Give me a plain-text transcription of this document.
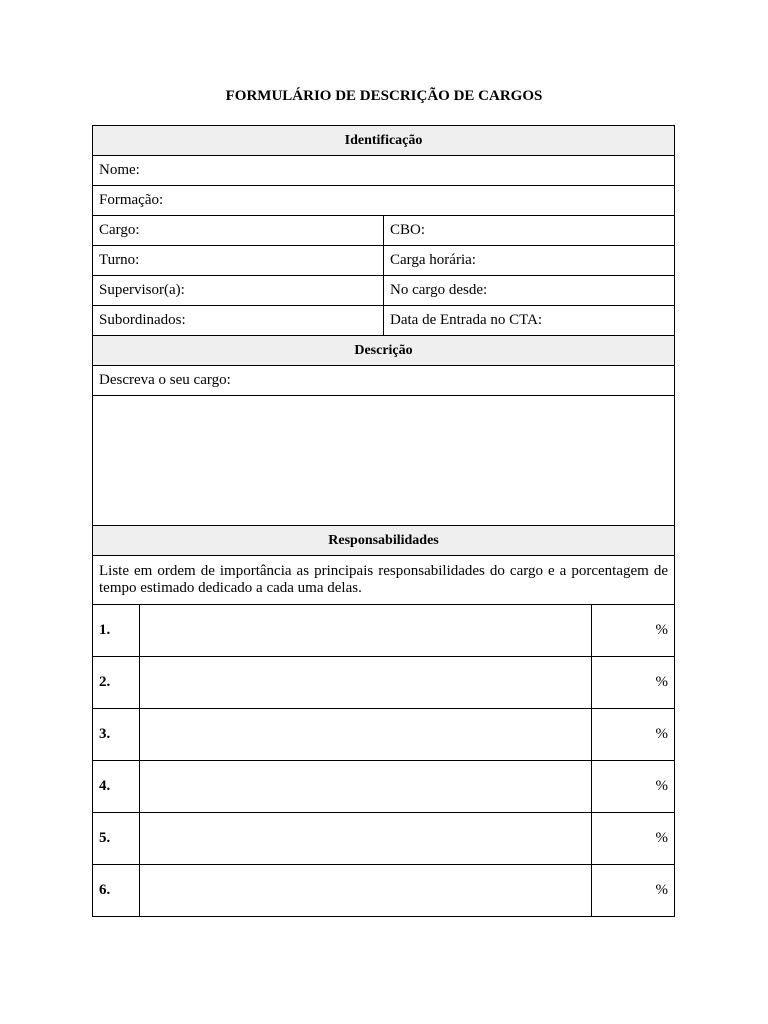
FORMULÁRIO DE DESCRIÇÃO DE CARGOS
Identificação			
Nome:			
Formação:			
Cargo:		CBO:	
Turno:		Carga horária:	
Supervisor(a):		No cargo desde:	
Subordinados:		Data de Entrada no CTA:	
Descrição			
Descreva o seu cargo:			

Responsabilidades			
Liste em ordem de importância as principais responsabilidades do cargo e a porcentagem de tempo estimado dedicado a cada uma delas.			
1.			%
2.			%
3.			%
4.			%
5.			%
6.			%
